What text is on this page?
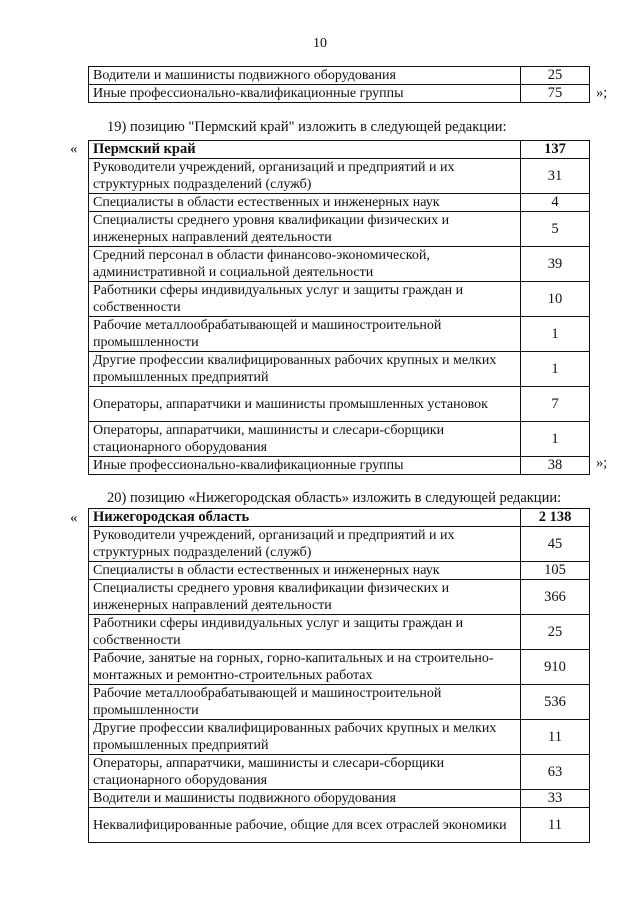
10
Водители и машинисты подвижного оборудования	25
Иные профессионально-квалификационные группы	75 »;
19) позицию "Пермский край" изложить в следующей редакции:
« Пермский край	137
Руководители учреждений, организаций и предприятий и их структурных подразделений (служб)	31
Специалисты в области естественных и инженерных наук	4
Специалисты среднего уровня квалификации физических и инженерных направлений деятельности	5
Средний персонал в области финансово-экономической, административной и социальной деятельности	39
Работники сферы индивидуальных услуг и защиты граждан и собственности	10
Рабочие металлообрабатывающей и машиностроительной промышленности	1
Другие профессии квалифицированных рабочих крупных и мелких промышленных предприятий	1
Операторы, аппаратчики и машинисты промышленных установок	7
Операторы, аппаратчики, машинисты и слесари-сборщики стационарного оборудования	1
Иные профессионально-квалификационные группы	38 »;
20) позицию «Нижегородская область» изложить в следующей редакции:
« Нижегородская область	2 138
Руководители учреждений, организаций и предприятий и их структурных подразделений (служб)	45
Специалисты в области естественных и инженерных наук	105
Специалисты среднего уровня квалификации физических и инженерных направлений деятельности	366
Работники сферы индивидуальных услуг и защиты граждан и собственности	25
Рабочие, занятые на горных, горно-капитальных и на строительно-монтажных и ремонтно-строительных работах	910
Рабочие металлообрабатывающей и машиностроительной промышленности	536
Другие профессии квалифицированных рабочих крупных и мелких промышленных предприятий	11
Операторы, аппаратчики, машинисты и слесари-сборщики стационарного оборудования	63
Водители и машинисты подвижного оборудования	33
Неквалифицированные рабочие, общие для всех отраслей экономики	11
